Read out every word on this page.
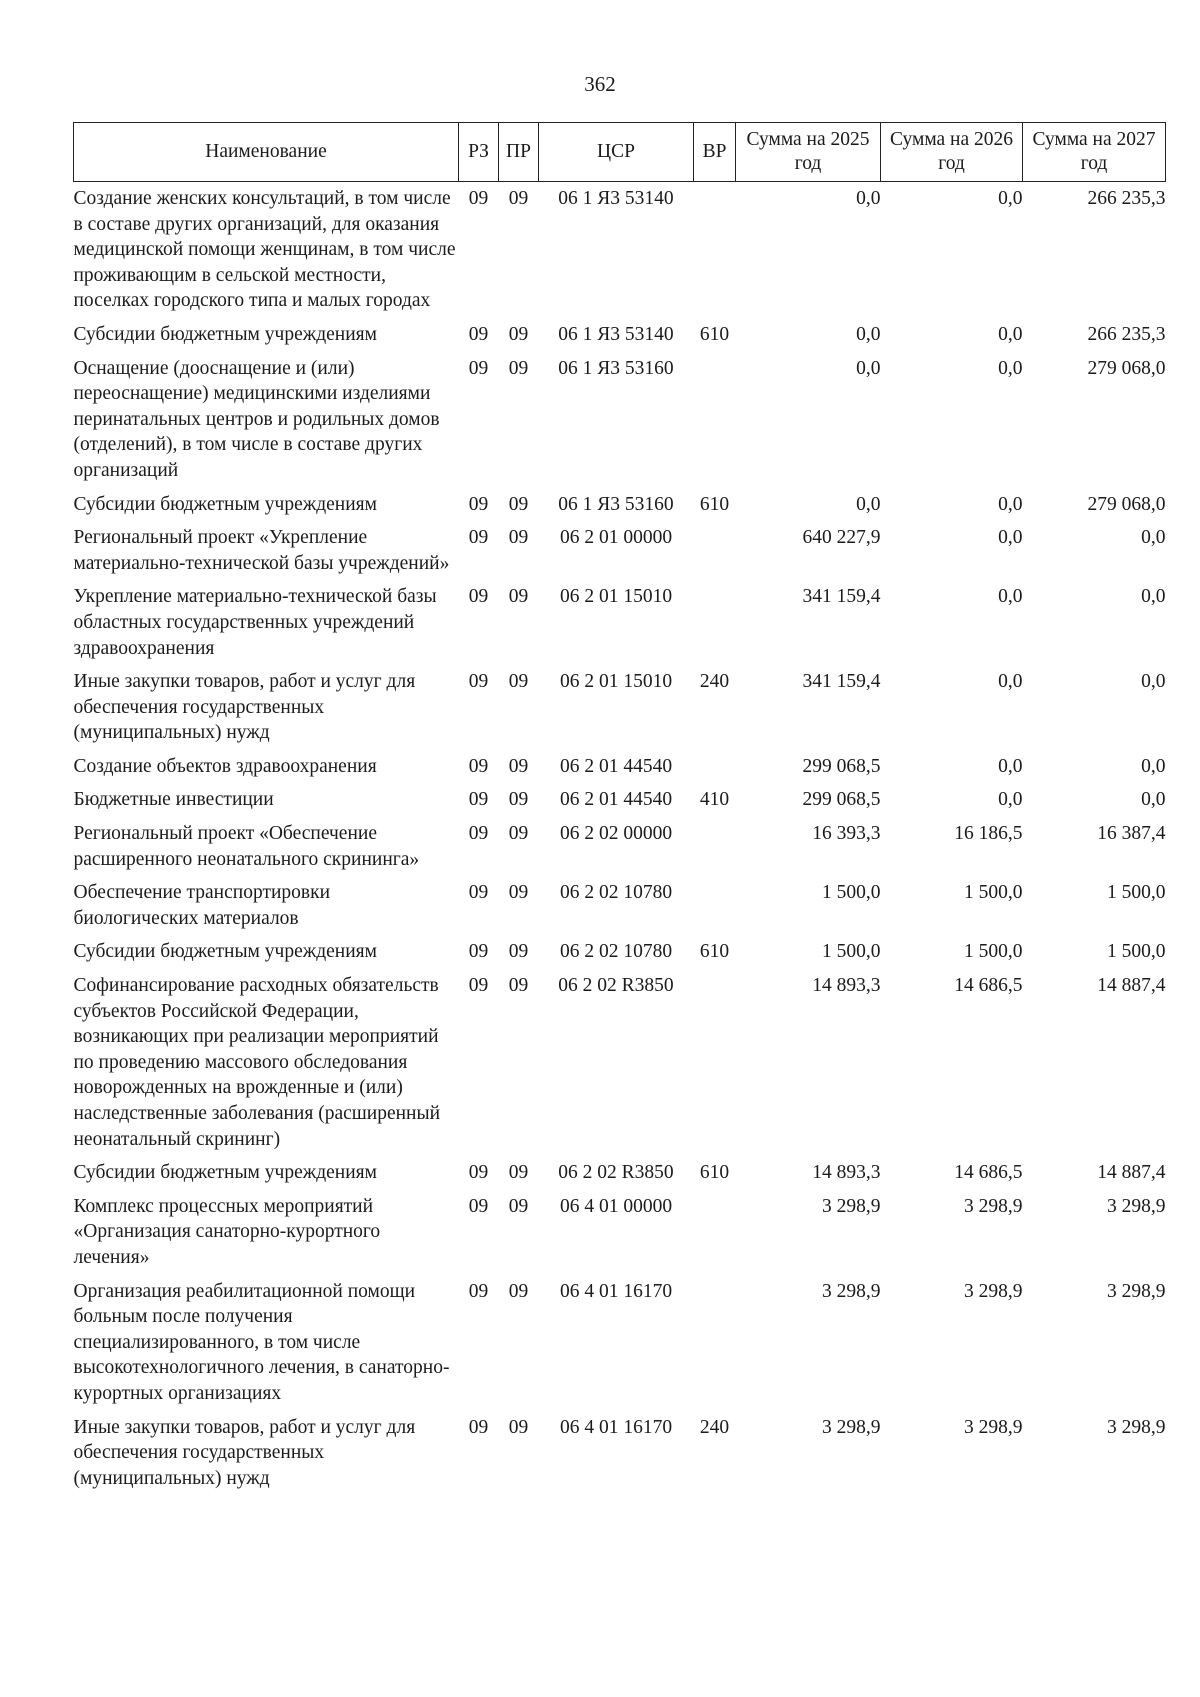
362
Наименование	РЗ	ПР	ЦСР	ВР	Сумма на 2025 год	Сумма на 2026 год	Сумма на 2027 год
Создание женских консультаций, в том числе в составе других организаций, для оказания медицинской помощи женщинам, в том числе проживающим в сельской местности, поселках городского типа и малых городах	09	09	06 1 Я3 53140		0,0	0,0	266 235,3
Субсидии бюджетным учреждениям	09	09	06 1 Я3 53140	610	0,0	0,0	266 235,3
Оснащение (дооснащение и (или) переоснащение) медицинскими изделиями перинатальных центров и родильных домов (отделений), в том числе в составе других организаций	09	09	06 1 Я3 53160		0,0	0,0	279 068,0
Субсидии бюджетным учреждениям	09	09	06 1 Я3 53160	610	0,0	0,0	279 068,0
Региональный проект «Укрепление материально-технической базы учреждений»	09	09	06 2 01 00000		640 227,9	0,0	0,0
Укрепление материально-технической базы областных государственных учреждений здравоохранения	09	09	06 2 01 15010		341 159,4	0,0	0,0
Иные закупки товаров, работ и услуг для обеспечения государственных (муниципальных) нужд	09	09	06 2 01 15010	240	341 159,4	0,0	0,0
Создание объектов здравоохранения	09	09	06 2 01 44540		299 068,5	0,0	0,0
Бюджетные инвестиции	09	09	06 2 01 44540	410	299 068,5	0,0	0,0
Региональный проект «Обеспечение расширенного неонатального скрининга»	09	09	06 2 02 00000		16 393,3	16 186,5	16 387,4
Обеспечение транспортировки биологических материалов	09	09	06 2 02 10780		1 500,0	1 500,0	1 500,0
Субсидии бюджетным учреждениям	09	09	06 2 02 10780	610	1 500,0	1 500,0	1 500,0
Софинансирование расходных обязательств субъектов Российской Федерации, возникающих при реализации мероприятий по проведению массового обследования новорожденных на врожденные и (или) наследственные заболевания (расширенный неонатальный скрининг)	09	09	06 2 02 R3850		14 893,3	14 686,5	14 887,4
Субсидии бюджетным учреждениям	09	09	06 2 02 R3850	610	14 893,3	14 686,5	14 887,4
Комплекс процессных мероприятий «Организация санаторно-курортного лечения»	09	09	06 4 01 00000		3 298,9	3 298,9	3 298,9
Организация реабилитационной помощи больным после получения специализированного, в том числе высокотехнологичного лечения, в санаторно-курортных организациях	09	09	06 4 01 16170		3 298,9	3 298,9	3 298,9
Иные закупки товаров, работ и услуг для обеспечения государственных (муниципальных) нужд	09	09	06 4 01 16170	240	3 298,9	3 298,9	3 298,9
